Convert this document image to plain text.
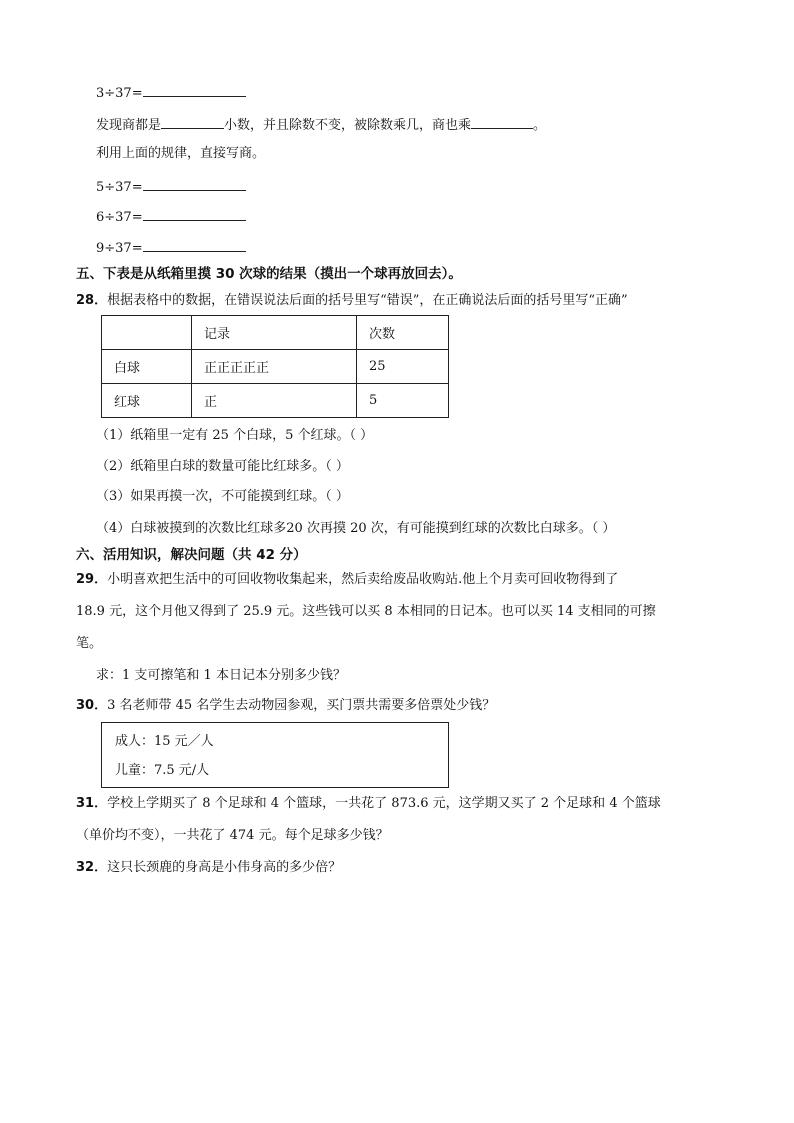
3÷37=
发现商都是	小数，并且除数不变，被除数乘几，商也乘	。
利用上面的规律，直接写商。
5÷37=
6÷37=
9÷37=
五、下表是从纸箱里摸 30 次球的结果（摸出一个球再放回去）。
28．根据表格中的数据，在错误说法后面的括号里写“错误”，在正确说法后面的括号里写“正确”
	记录	次数
白球	正正正正正	25
红球	正	5
（1）纸箱里一定有 25 个白球，5 个红球。（ ）
（2）纸箱里白球的数量可能比红球多。（ ）
（3）如果再摸一次，不可能摸到红球。（ ）
（4）白球被摸到的次数比红球多20 次再摸 20 次，有可能摸到红球的次数比白球多。（ ）
六、活用知识，解决问题（共 42 分）
29．小明喜欢把生活中的可回收物收集起来，然后卖给废品收购站.他上个月卖可回收物得到了
18.9 元，这个月他又得到了 25.9 元。这些钱可以买 8 本相同的日记本。也可以买 14 支相同的可擦
笔。
求：1 支可擦笔和 1 本日记本分别多少钱？
30．3 名老师带 45 名学生去动物园参观，买门票共需要多倍票处少钱？
成人：15 元／人
儿童：7.5 元/人
31．学校上学期买了 8 个足球和 4 个篮球，一共花了 873.6 元，这学期又买了 2 个足球和 4 个篮球
（单价均不变），一共花了 474 元。每个足球多少钱？
32．这只长颈鹿的身高是小伟身高的多少倍？
